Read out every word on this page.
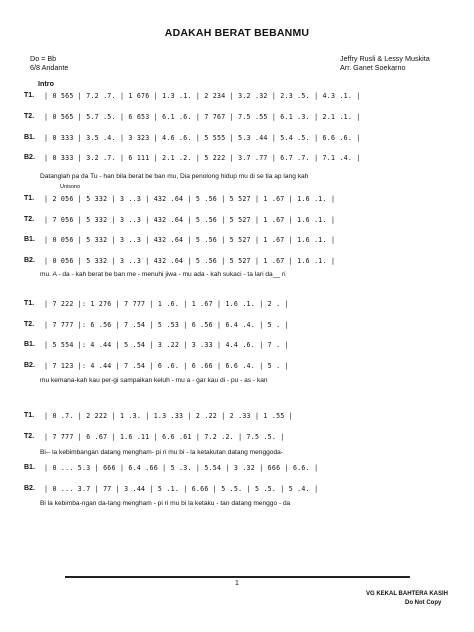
ADAKAH BERAT BEBANMU
Do = Bb
6/8 Andante
Jeffry Rusli & Lessy Muskita
Arr. Ganet Soekarno
Intro
T1.	| 0 565 | 7.2 .7. | 1 676 | 1.3 .1. | 2 234 | 3.2 .32 | 2.3 .5. | 4.3 .1. |
T2.	| 0 565 | 5.7 .5. | 6 653 | 6.1 .6. | 7 767 | 7.5 .55 | 6.1 .3. | 2.1 .1. |
B1.	| 0 333 | 3.5 .4. | 3 323 | 4.6 .6. | 5 555 | 5.3 .44 | 5.4 .5. | 6.6 .6. |
B2.	| 0 333 | 3.2 .7. | 6 111 | 2.1 .2. | 5 222 | 3.7 .77 | 6.7 .7. | 7.1 .4. |
Datanglah pa da Tu - han bila berat be ban mu, Dia penolong hidup mu di se tia ap lang kah
Unisono
T1.	| 2 056 | 5 332 | 3 ..3 | 432 .64 | 5 .56 | 5 527 | 1 .67 | 1.6 .1. |
T2.	| 7 056 | 5 332 | 3 ..3 | 432 .64 | 5 .56 | 5 527 | 1 .67 | 1.6 .1. |
B1.	| 0 056 | 5 332 | 3 ..3 | 432 .64 | 5 .56 | 5 527 | 1 .67 | 1.6 .1. |
B2.	| 0 056 | 5 332 | 3 ..3 | 432 .64 | 5 .56 | 5 527 | 1 .67 | 1.6 .1. |
mu. A - da - kah berat be ban me - menuhi jiwa - mu ada - kah sukaci - ta lari da__ ri
T1.	| 7 222 |: 1 276 | 7 777 | 1 .6. | 1 .67 | 1.6 .1. | 2 . |
T2.	| 7 777 |: 6 .56 | 7 .54 | 5 .53 | 6 .56 | 6.4 .4. | 5 . |
B1.	| 5 554 |: 4 .44 | 5 .54 | 3 .22 | 3 .33 | 4.4 .6. | 7 . |
B2.	| 7 123 |: 4 .44 | 7 .54 | 6 .6. | 6 .66 | 6.6 .4. | 5 . |
mu kemana-kah kau per-gi sampaikan keluh - mu a - gar kau di - pu - as - kan
T1.	| 0 .7. | 2 222 | 1 .3. | 1.3 .33 | 2 .22 | 2 .33 | 1 .55 |
T2.	| 7 777 | 6 .67 | 1.6 .11 | 6.6 .61 | 7.2 .2. | 7.5 .5. |
Bi-- la kebimbangan datang mengham- pi ri mu bi - la ketakutan datang menggoda-
B1.	| 0 ... 5.3 | 666 | 6.4 .66 | 5 .3. | 5.54 | 3 .32 | 666 | 6.6. |
B2.	| 0 ... 3.7 | 77 | 3 .44 | 5 .1. | 6.66 | 5 .5. | 5 .5. | 5 .4. |
Bi la kebimba-ngan da-tang mengham - pi ri mu bi la ketaku - tan datang menggo - da
1
VG KEKAL BAHTERA KASIH
Do Not Copy
